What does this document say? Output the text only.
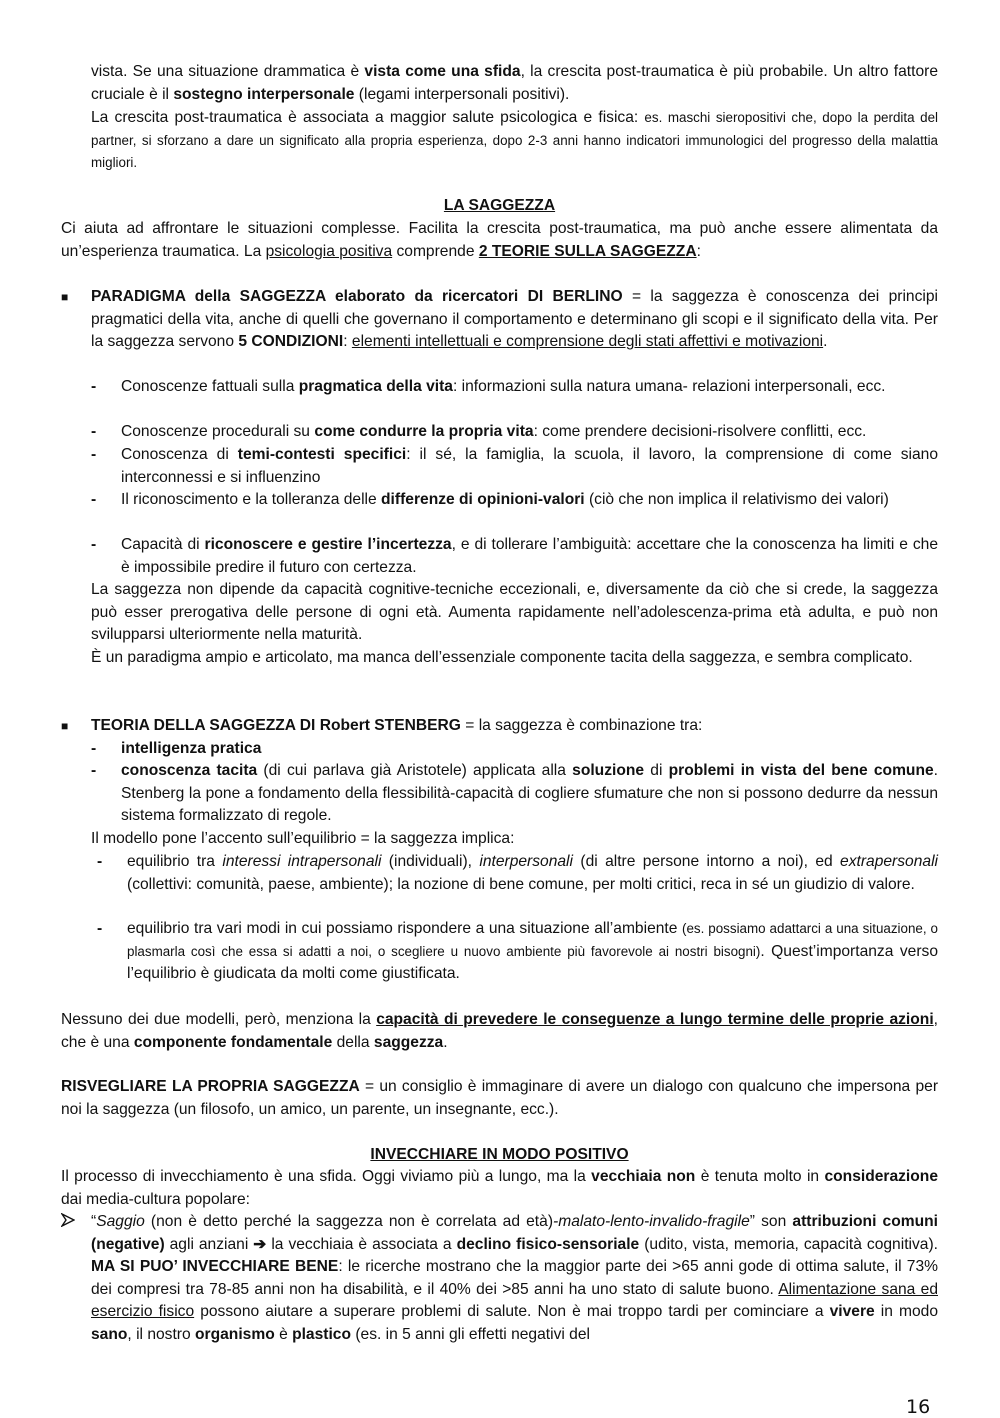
vista. Se una situazione drammatica è vista come una sfida, la crescita post-traumatica è più probabile. Un altro fattore cruciale è il sostegno interpersonale (legami interpersonali positivi).
La crescita post-traumatica è associata a maggior salute psicologica e fisica: es. maschi sieropositivi che, dopo la perdita del partner, si sforzano a dare un significato alla propria esperienza, dopo 2-3 anni hanno indicatori immunologici del progresso della malattia migliori.
LA SAGGEZZA
Ci aiuta ad affrontare le situazioni complesse. Facilita la crescita post-traumatica, ma può anche essere alimentata da un’esperienza traumatica. La psicologia positiva comprende 2 TEORIE SULLA SAGGEZZA:
■ PARADIGMA della SAGGEZZA elaborato da ricercatori DI BERLINO = la saggezza è conoscenza dei principi pragmatici della vita, anche di quelli che governano il comportamento e determinano gli scopi e il significato della vita. Per la saggezza servono 5 CONDIZIONI: elementi intellettuali e comprensione degli stati affettivi e motivazioni.
- Conoscenze fattuali sulla pragmatica della vita: informazioni sulla natura umana- relazioni interpersonali, ecc.
- Conoscenze procedurali su come condurre la propria vita: come prendere decisioni-risolvere conflitti, ecc.
- Conoscenza di temi-contesti specifici: il sé, la famiglia, la scuola, il lavoro, la comprensione di come siano interconnessi e si influenzino
- Il riconoscimento e la tolleranza delle differenze di opinioni-valori (ciò che non implica il relativismo dei valori)
- Capacità di riconoscere e gestire l’incertezza, e di tollerare l’ambiguità: accettare che la conoscenza ha limiti e che è impossibile predire il futuro con certezza.
La saggezza non dipende da capacità cognitive-tecniche eccezionali, e, diversamente da ciò che si crede, la saggezza può esser prerogativa delle persone di ogni età. Aumenta rapidamente nell’adolescenza-prima età adulta, e può non svilupparsi ulteriormente nella maturità.
È un paradigma ampio e articolato, ma manca dell’essenziale componente tacita della saggezza, e sembra complicato.
■ TEORIA DELLA SAGGEZZA DI Robert STENBERG = la saggezza è combinazione tra:
- intelligenza pratica
- conoscenza tacita (di cui parlava già Aristotele) applicata alla soluzione di problemi in vista del bene comune. Stenberg la pone a fondamento della flessibilità-capacità di cogliere sfumature che non si possono dedurre da nessun sistema formalizzato di regole.
Il modello pone l’accento sull’equilibrio = la saggezza implica:
- equilibrio tra interessi intrapersonali (individuali), interpersonali (di altre persone intorno a noi), ed extrapersonali (collettivi: comunità, paese, ambiente); la nozione di bene comune, per molti critici, reca in sé un giudizio di valore.
- equilibrio tra vari modi in cui possiamo rispondere a una situazione all’ambiente (es. possiamo adattarci a una situazione, o plasmarla così che essa si adatti a noi, o scegliere u nuovo ambiente più favorevole ai nostri bisogni). Quest’importanza verso l’equilibrio è giudicata da molti come giustificata.
Nessuno dei due modelli, però, menziona la capacità di prevedere le conseguenze a lungo termine delle proprie azioni, che è una componente fondamentale della saggezza.
RISVEGLIARE LA PROPRIA SAGGEZZA = un consiglio è immaginare di avere un dialogo con qualcuno che impersona per noi la saggezza (un filosofo, un amico, un parente, un insegnante, ecc.).
INVECCHIARE IN MODO POSITIVO
Il processo di invecchiamento è una sfida. Oggi viviamo più a lungo, ma la vecchiaia non è tenuta molto in considerazione dai media-cultura popolare:
“Saggio (non è detto perché la saggezza non è correlata ad età)-malato-lento-invalido-fragile” son attribuzioni comuni (negative) agli anziani ➔ la vecchiaia è associata a declino fisico-sensoriale (udito, vista, memoria, capacità cognitiva). MA SI PUO’ INVECCHIARE BENE: le ricerche mostrano che la maggior parte dei >65 anni gode di ottima salute, il 73% dei compresi tra 78-85 anni non ha disabilità, e il 40% dei >85 anni ha uno stato di salute buono. Alimentazione sana ed esercizio fisico possono aiutare a superare problemi di salute. Non è mai troppo tardi per cominciare a vivere in modo sano, il nostro organismo è plastico (es. in 5 anni gli effetti negativi del
16
